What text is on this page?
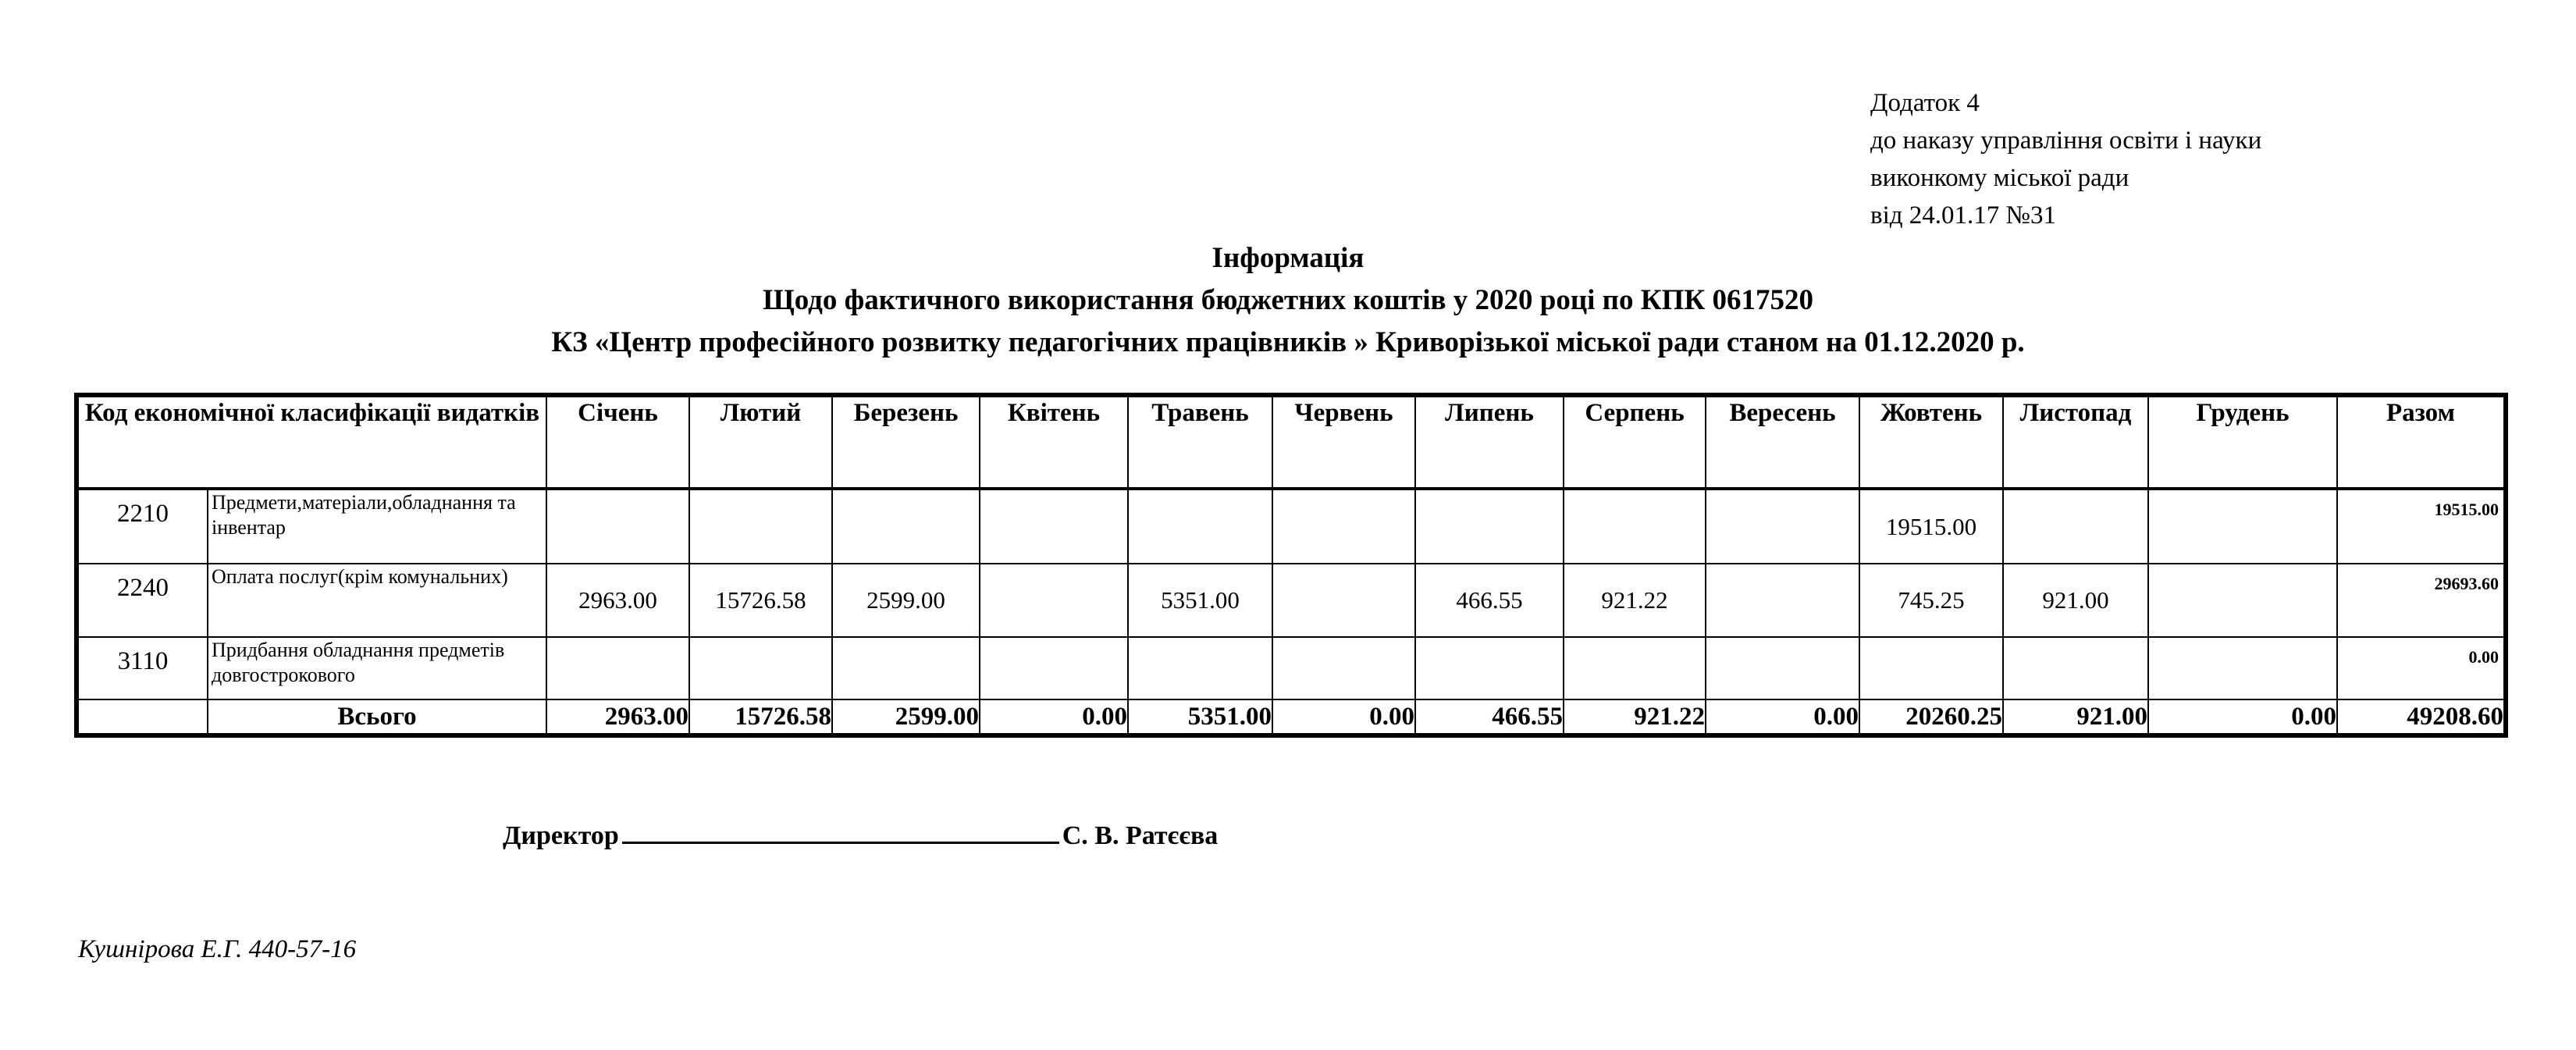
Додаток 4
до наказу управління освіти і науки
виконкому міської ради
від 24.01.17 №31
Інформація
Щодо фактичного використання бюджетних коштів у 2020 році по КПК 0617520
КЗ «Центр професійного розвитку педагогічних працівників » Криворізької міської ради станом на 01.12.2020 р.
Код економічної класифікації видатків		Січень	Лютий	Березень	Квітень	Травень	Червень	Липень	Серпень	Вересень	Жовтень	Листопад	Грудень	Разом
2210	Предмети,матеріали,обладнання та інвентар										19515.00			19515.00
2240	Оплата послуг(крім комунальних)	2963.00	15726.58	2599.00		5351.00		466.55	921.22		745.25	921.00		29693.60
3110	Придбання обладнання предметів довгострокового													0.00
	Всього	2963.00	15726.58	2599.00	0.00	5351.00	0.00	466.55	921.22	0.00	20260.25	921.00	0.00	49208.60
Директор	С. В. Ратєєва
Кушнірова Е.Г. 440-57-16
